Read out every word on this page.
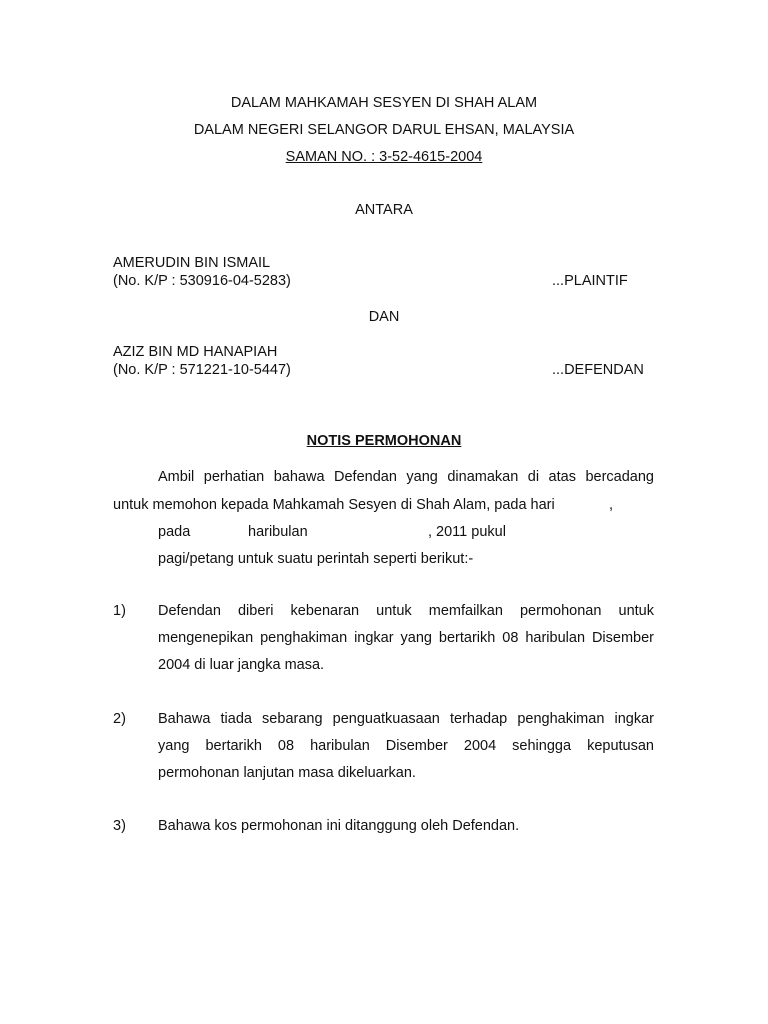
DALAM MAHKAMAH SESYEN DI SHAH ALAM
DALAM NEGERI SELANGOR DARUL EHSAN, MALAYSIA
SAMAN NO. : 3-52-4615-2004
ANTARA
AMERUDIN BIN ISMAIL
(No. K/P : 530916-04-5283)	...PLAINTIF
DAN
AZIZ BIN MD HANAPIAH
(No. K/P : 571221-10-5447)	...DEFENDAN
NOTIS PERMOHONAN
Ambil perhatian bahawa Defendan yang dinamakan di atas bercadang
untuk memohon kepada Mahkamah Sesyen di Shah Alam, pada hari	,
pada	haribulan	, 2011 pukul
pagi/petang untuk suatu perintah seperti berikut:-
1) Defendan diberi kebenaran untuk memfailkan permohonan untuk
mengenepikan penghakiman ingkar yang bertarikh 08 haribulan Disember
2004 di luar jangka masa.
2) Bahawa tiada sebarang penguatkuasaan terhadap penghakiman ingkar
yang bertarikh 08 haribulan Disember 2004 sehingga keputusan
permohonan lanjutan masa dikeluarkan.
3) Bahawa kos permohonan ini ditanggung oleh Defendan.
